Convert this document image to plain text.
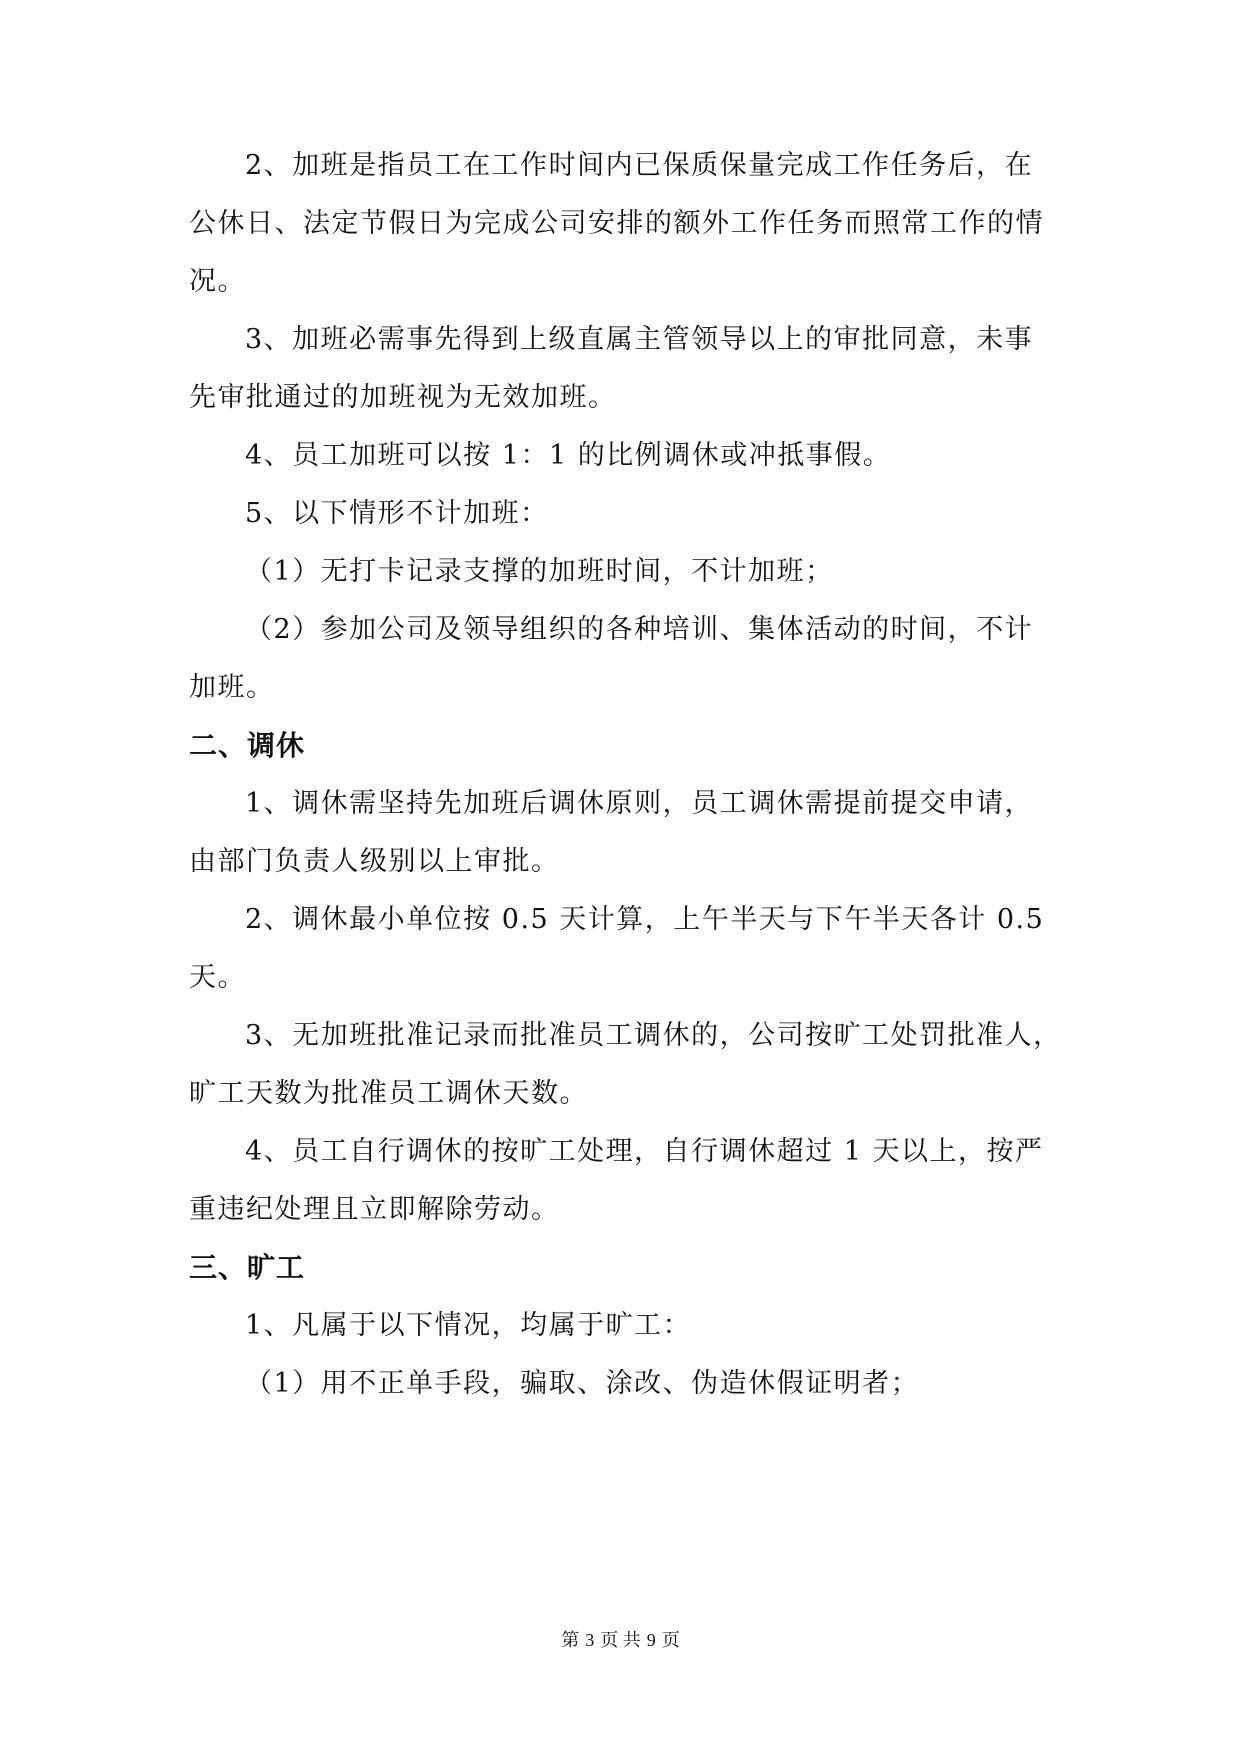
2、加班是指员工在工作时间内已保质保量完成工作任务后，在
公休日、法定节假日为完成公司安排的额外工作任务而照常工作的情
况。
3、加班必需事先得到上级直属主管领导以上的审批同意，未事
先审批通过的加班视为无效加班。
4、员工加班可以按 1：1 的比例调休或冲抵事假。
5、以下情形不计加班：
（1）无打卡记录支撑的加班时间，不计加班；
（2）参加公司及领导组织的各种培训、集体活动的时间，不计
加班。
二、调休
1、调休需坚持先加班后调休原则，员工调休需提前提交申请，
由部门负责人级别以上审批。
2、调休最小单位按 0.5 天计算，上午半天与下午半天各计 0.5
天。
3、无加班批准记录而批准员工调休的，公司按旷工处罚批准人，
旷工天数为批准员工调休天数。
4、员工自行调休的按旷工处理，自行调休超过 1 天以上，按严
重违纪处理且立即解除劳动。
三、旷工
1、凡属于以下情况，均属于旷工：
（1）用不正单手段，骗取、涂改、伪造休假证明者；
第 3 页 共 9 页
